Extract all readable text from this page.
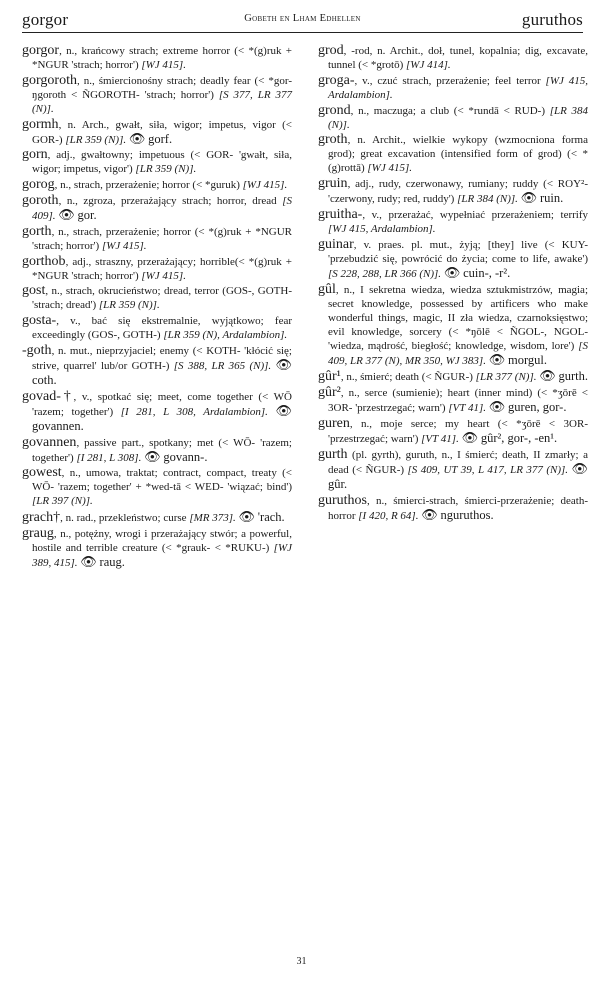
gorgor	Gobeth en Lham Edhellen	guruthos
gorgor, n., krańcowy strach; extreme horror (< *(g)ruk + *NGUR 'strach; horror') [WJ 415].
gorgoroth, n., śmiercionośny strach; deadly fear (< *gor-ŋgoroth < ÑGOROTH- 'strach; horror') [S 377, LR 377 (N)].
gormh, n. Arch., gwałt, siła, wigor; impetus, vigor (< GOR-) [LR 359 (N)]. 👁 gorf.
gorn, adj., gwałtowny; impetuous (< GOR- 'gwałt, siła, wigor; impetus, vigor') [LR 359 (N)].
gorog, n., strach, przerażenie; horror (< *guruk) [WJ 415].
goroth, n., zgroza, przerażający strach; horror, dread [S 409]. 👁 gor.
gorth, n., strach, przerażenie; horror (< *(g)ruk + *NGUR 'strach; horror') [WJ 415].
gorthob, adj., straszny, przerażający; horrible(< *(g)ruk + *NGUR 'strach; horror') [WJ 415].
gost, n., strach, okrucieństwo; dread, terror (GOS-, GOTH- 'strach; dread') [LR 359 (N)].
gosta-, v., bać się ekstremalnie, wyjątkowo; fear exceedingly (GOS-, GOTH-) [LR 359 (N), Ardalambion].
-goth, n. mut., nieprzyjaciel; enemy (< KOTH- 'kłócić się; strive, quarrel' lub/or GOTH-) [S 388, LR 365 (N)]. 👁 coth.
govad-†, v., spotkać się; meet, come together (< WŌ 'razem; together') [I 281, L 308, Ardalambion]. 👁 govannen.
govannen, passive part., spotkany; met (< WŌ- 'razem; together') [I 281, L 308]. 👁 govann-.
gowest, n., umowa, traktat; contract, compact, treaty (< WŌ- 'razem; together' + *wed-tā < WED- 'wiązać; bind') [LR 397 (N)].
grach†, n. rad., przekleństwo; curse [MR 373]. 👁 'rach.
graug, n., potężny, wrogi i przerażający stwór; a powerful, hostile and terrible creature (< *grauk- < *RUKU-) [WJ 389, 415]. 👁 raug.
grod, -rod, n. Archit., doł, tunel, kopalnia; dig, excavate, tunnel (< *grotō) [WJ 414].
groga-, v., czuć strach, przerażenie; feel terror [WJ 415, Ardalambion].
grond, n., maczuga; a club (< *rundā < RUD-) [LR 384 (N)].
groth, n. Archit., wielkie wykopy (wzmocniona forma grod); great excavation (intensified form of grod) (< *(g)rottā) [WJ 415].
gruin, adj., rudy, czerwonawy, rumiany; ruddy (< ROY²- 'czerwony, rudy; red, ruddy') [LR 384 (N)]. 👁 ruin.
gruitha-, v., przerażać, wypełniać przerażeniem; terrify [WJ 415, Ardalambion].
guinar, v. praes. pl. mut., żyją; [they] live (< KUY- 'przebudzić się, powrócić do życia; come to life, awake') [S 228, 288, LR 366 (N)]. 👁 cuin-, -r².
gûl, n., I sekretna wiedza, wiedza sztukmistrzów, magia; secret knowledge, possessed by artificers who make wonderful things, magic, II zła wiedza, czarnoksięstwo; evil knowledge, sorcery (< *ŋōlē < ÑGOL-, NGOL- 'wiedza, mądrość, biegłość; knowledge, wisdom, lore') [S 409, LR 377 (N), MR 350, WJ 383]. 👁 morgul.
gûr¹, n., śmierć; death (< ÑGUR-) [LR 377 (N)]. 👁 gurth.
gûr², n., serce (sumienie); heart (inner mind) (< *ʒōrē < 3OR- 'przestrzegać; warn') [VT 41]. 👁 guren, gor-.
guren, n., moje serce; my heart (< *ʒōrē < 3OR- 'przestrzegać; warn') [VT 41]. 👁 gûr², gor-, -en¹.
gurth (pl. gyrth), guruth, n., I śmierć; death, II zmarły; a dead (< ÑGUR-) [S 409, UT 39, L 417, LR 377 (N)]. 👁 gûr.
guruthos, n., śmierci-strach, śmierci-przerażenie; death-horror [I 420, R 64]. 👁 nguruthos.
31
